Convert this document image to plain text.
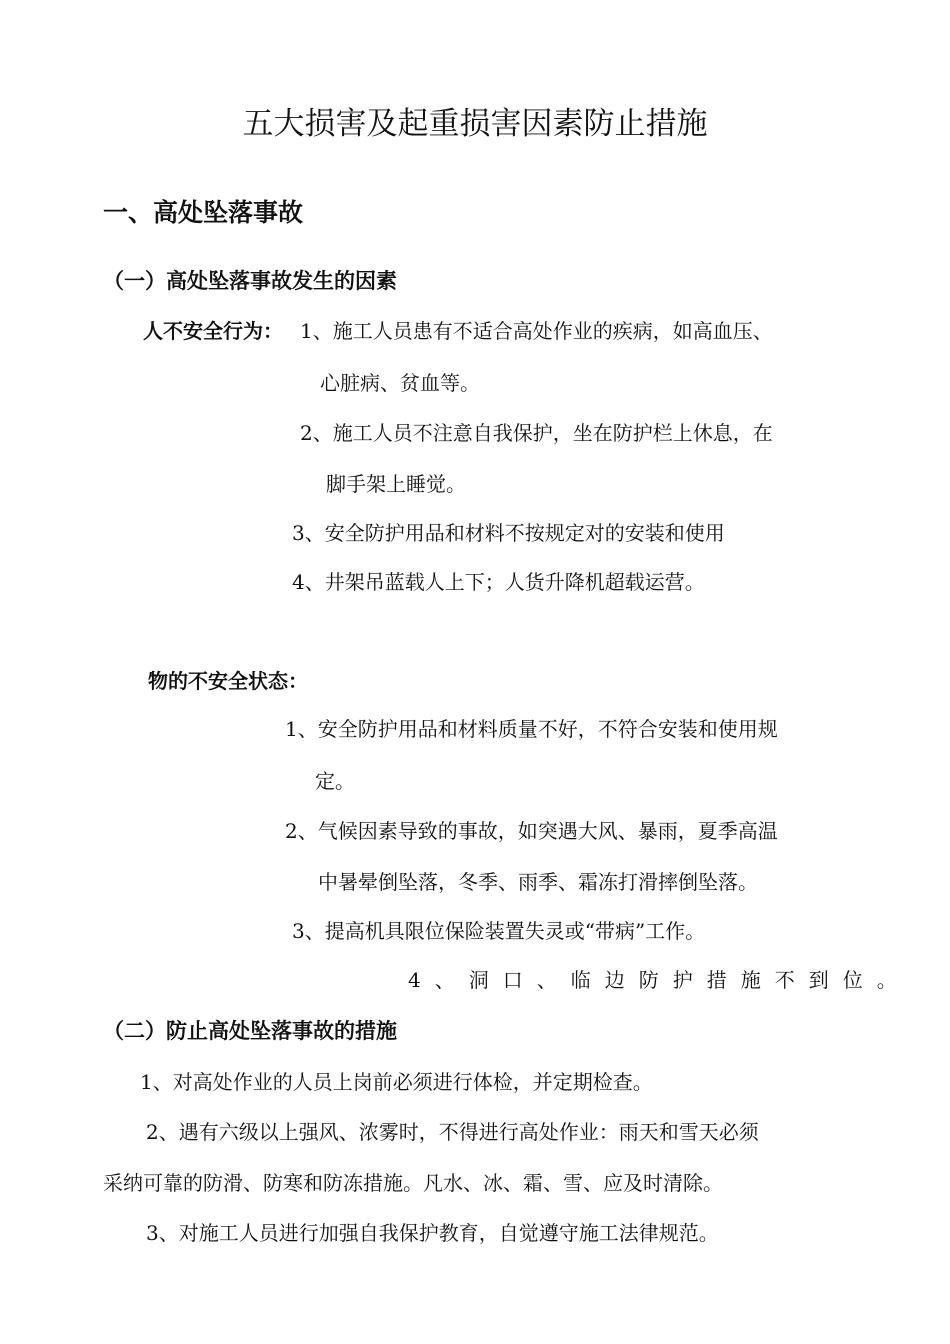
五大损害及起重损害因素防止措施
一、高处坠落事故
（一）高处坠落事故发生的因素
人不安全行为： 1、施工人员患有不适合高处作业的疾病，如高血压、
心脏病、贫血等。
2、施工人员不注意自我保护，坐在防护栏上休息，在
脚手架上睡觉。
3、安全防护用品和材料不按规定对的安装和使用
4、井架吊蓝载人上下；人货升降机超载运营。
物的不安全状态：
1、安全防护用品和材料质量不好，不符合安装和使用规
定。
2、气候因素导致的事故，如突遇大风、暴雨，夏季高温
中暑晕倒坠落，冬季、雨季、霜冻打滑摔倒坠落。
3、提高机具限位保险装置失灵或“带病”工作。
4、洞口、临边防护措施不到位。
（二）防止高处坠落事故的措施
1、对高处作业的人员上岗前必须进行体检，并定期检查。
2、遇有六级以上强风、浓雾时，不得进行高处作业：雨天和雪天必须
采纳可靠的防滑、防寒和防冻措施。凡水、冰、霜、雪、应及时清除。
3、对施工人员进行加强自我保护教育，自觉遵守施工法律规范。
